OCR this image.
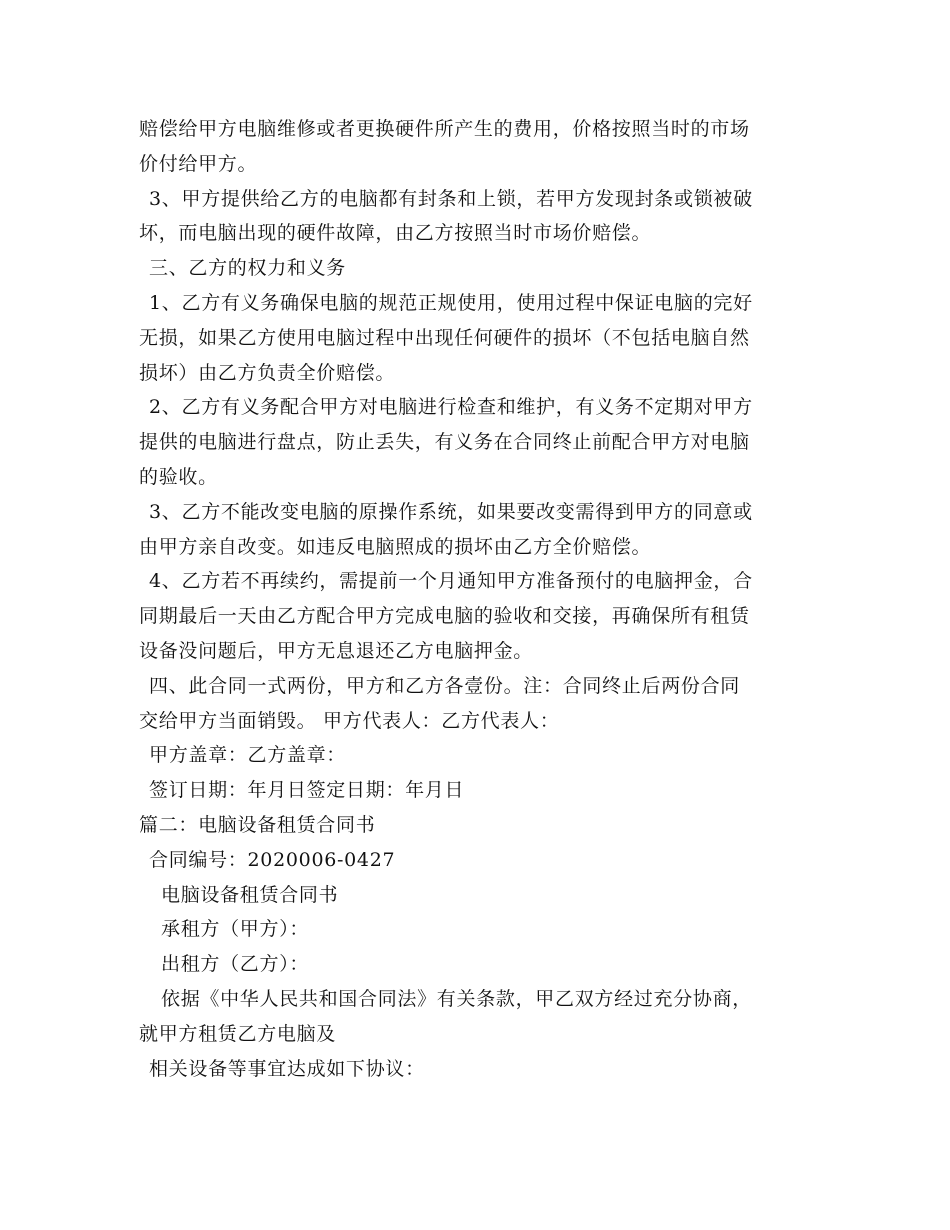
赔偿给甲方电脑维修或者更换硬件所产生的费用，价格按照当时的市场
价付给甲方。
3、甲方提供给乙方的电脑都有封条和上锁，若甲方发现封条或锁被破
坏，而电脑出现的硬件故障，由乙方按照当时市场价赔偿。
三、乙方的权力和义务
1、乙方有义务确保电脑的规范正规使用，使用过程中保证电脑的完好
无损，如果乙方使用电脑过程中出现任何硬件的损坏（不包括电脑自然
损坏）由乙方负责全价赔偿。
2、乙方有义务配合甲方对电脑进行检查和维护，有义务不定期对甲方
提供的电脑进行盘点，防止丢失，有义务在合同终止前配合甲方对电脑
的验收。
3、乙方不能改变电脑的原操作系统，如果要改变需得到甲方的同意或
由甲方亲自改变。如违反电脑照成的损坏由乙方全价赔偿。
4、乙方若不再续约，需提前一个月通知甲方准备预付的电脑押金，合
同期最后一天由乙方配合甲方完成电脑的验收和交接，再确保所有租赁
设备没问题后，甲方无息退还乙方电脑押金。
四、此合同一式两份，甲方和乙方各壹份。注：合同终止后两份合同
交给甲方当面销毁。 甲方代表人：乙方代表人：
甲方盖章：乙方盖章：
签订日期：年月日签定日期：年月日
篇二：电脑设备租赁合同书
合同编号：2020006-0427
电脑设备租赁合同书
承租方（甲方）：
出租方（乙方）：
依据《中华人民共和国合同法》有关条款，甲乙双方经过充分协商，
就甲方租赁乙方电脑及
相关设备等事宜达成如下协议：
